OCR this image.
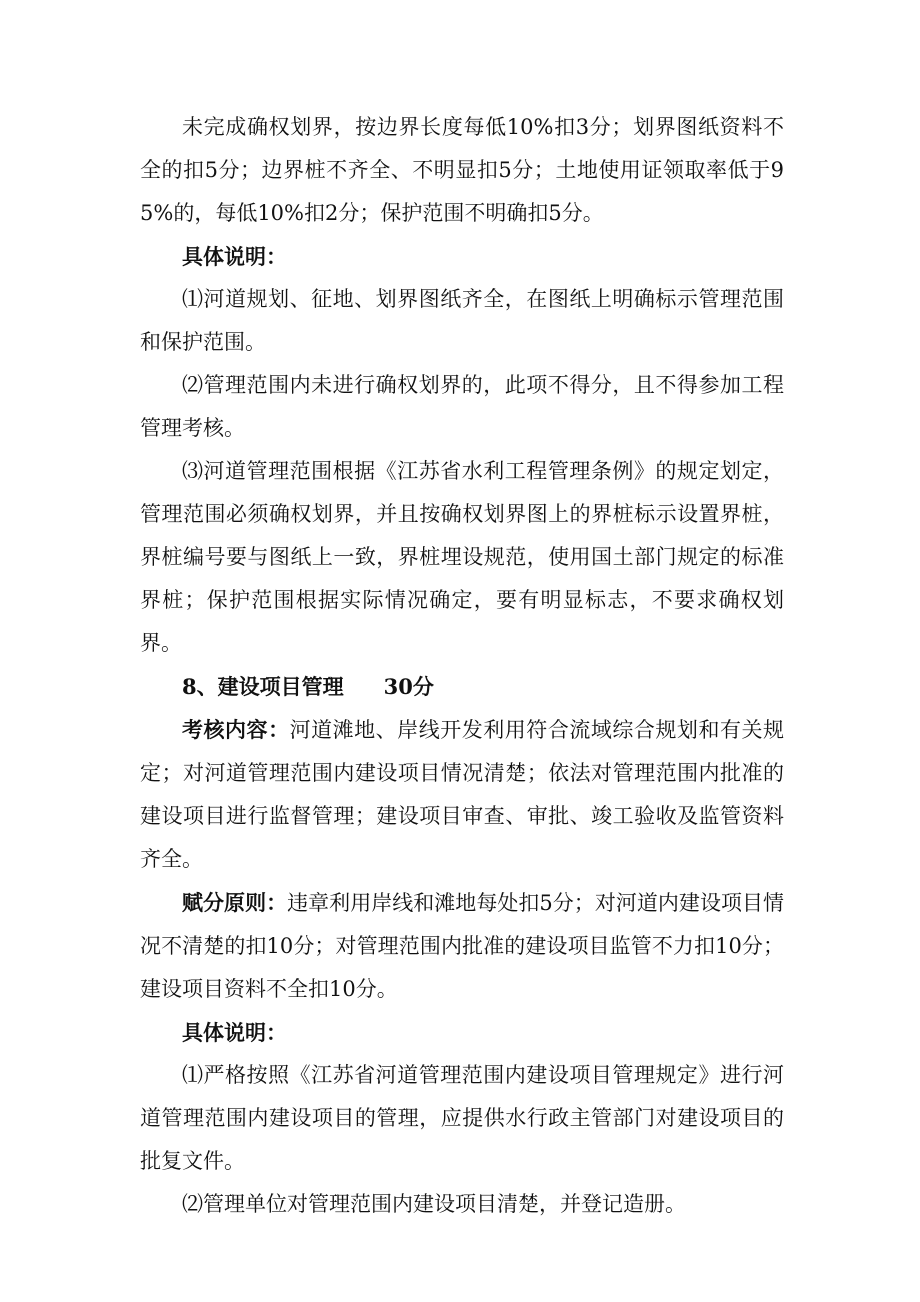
未完成确权划界，按边界长度每低10%扣3分；划界图纸资料不全的扣5分；边界桩不齐全、不明显扣5分；土地使用证领取率低于95%的，每低10%扣2分；保护范围不明确扣5分。

具体说明：

⑴河道规划、征地、划界图纸齐全，在图纸上明确标示管理范围和保护范围。

⑵管理范围内未进行确权划界的，此项不得分，且不得参加工程管理考核。

⑶河道管理范围根据《江苏省水利工程管理条例》的规定划定，管理范围必须确权划界，并且按确权划界图上的界桩标示设置界桩，界桩编号要与图纸上一致，界桩埋设规范，使用国土部门规定的标准界桩；保护范围根据实际情况确定，要有明显标志，不要求确权划界。

8、建设项目管理 30分

考核内容：河道滩地、岸线开发利用符合流域综合规划和有关规定；对河道管理范围内建设项目情况清楚；依法对管理范围内批准的建设项目进行监督管理；建设项目审查、审批、竣工验收及监管资料齐全。

赋分原则：违章利用岸线和滩地每处扣5分；对河道内建设项目情况不清楚的扣10分；对管理范围内批准的建设项目监管不力扣10分；建设项目资料不全扣10分。

具体说明：

⑴严格按照《江苏省河道管理范围内建设项目管理规定》进行河道管理范围内建设项目的管理，应提供水行政主管部门对建设项目的批复文件。

⑵管理单位对管理范围内建设项目清楚，并登记造册。
